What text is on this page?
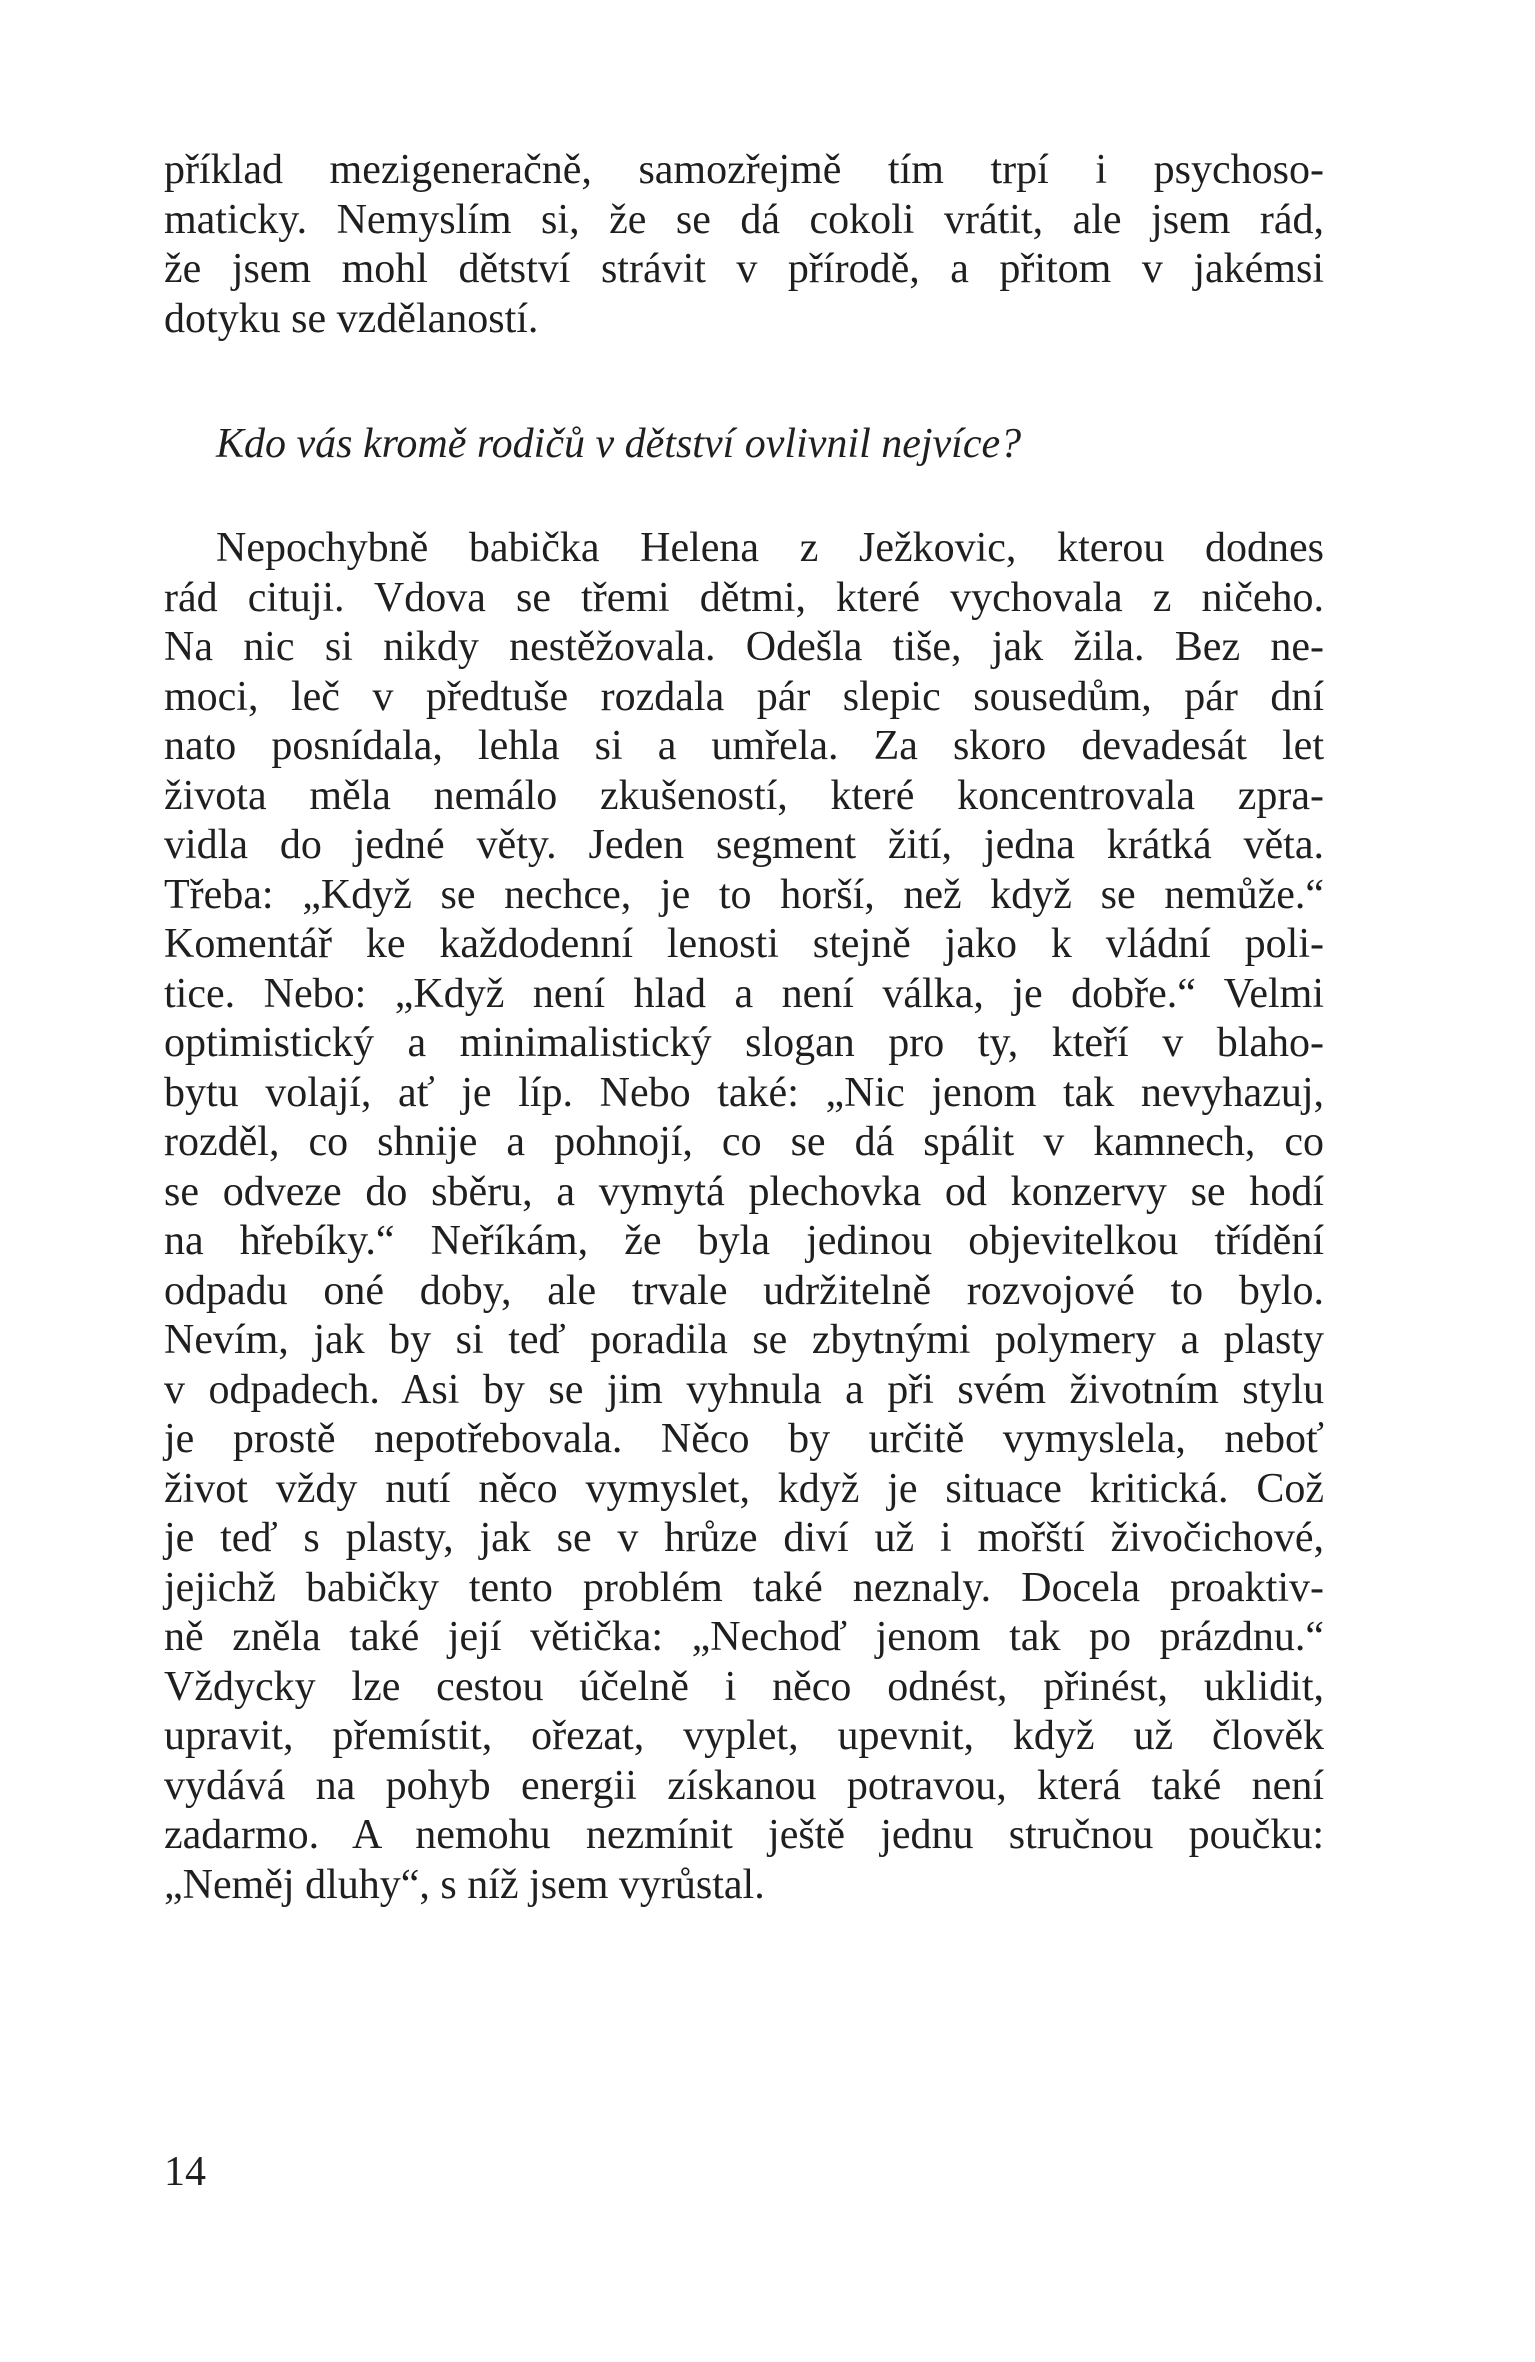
příklad mezigeneračně, samozřejmě tím trpí i psychoso-
maticky. Nemyslím si, že se dá cokoli vrátit, ale jsem rád,
že jsem mohl dětství strávit v přírodě, a přitom v jakémsi
dotyku se vzdělaností.

Kdo vás kromě rodičů v dětství ovlivnil nejvíce?

Nepochybně babička Helena z Ježkovic, kterou dodnes
rád cituji. Vdova se třemi dětmi, které vychovala z ničeho.
Na nic si nikdy nestěžovala. Odešla tiše, jak žila. Bez ne-
moci, leč v předtuše rozdala pár slepic sousedům, pár dní
nato posnídala, lehla si a umřela. Za skoro devadesát let
života měla nemálo zkušeností, které koncentrovala zpra-
vidla do jedné věty. Jeden segment žití, jedna krátká věta.
Třeba: „Když se nechce, je to horší, než když se nemůže.“
Komentář ke každodenní lenosti stejně jako k vládní poli-
tice. Nebo: „Když není hlad a není válka, je dobře.“ Velmi
optimistický a minimalistický slogan pro ty, kteří v blaho-
bytu volají, ať je líp. Nebo také: „Nic jenom tak nevyhazuj,
rozděl, co shnije a pohnojí, co se dá spálit v kamnech, co
se odveze do sběru, a vymytá plechovka od konzervy se hodí
na hřebíky.“ Neříkám, že byla jedinou objevitelkou třídění
odpadu oné doby, ale trvale udržitelně rozvojové to bylo.
Nevím, jak by si teď poradila se zbytnými polymery a plasty
v odpadech. Asi by se jim vyhnula a při svém životním stylu
je prostě nepotřebovala. Něco by určitě vymyslela, neboť
život vždy nutí něco vymyslet, když je situace kritická. Což
je teď s plasty, jak se v hrůze diví už i mořští živočichové,
jejichž babičky tento problém také neznaly. Docela proaktiv-
ně zněla také její větička: „Nechoď jenom tak po prázdnu.“
Vždycky lze cestou účelně i něco odnést, přinést, uklidit,
upravit, přemístit, ořezat, vyplet, upevnit, když už člověk
vydává na pohyb energii získanou potravou, která také není
zadarmo. A nemohu nezmínit ještě jednu stručnou poučku:
„Neměj dluhy“, s níž jsem vyrůstal.

14
